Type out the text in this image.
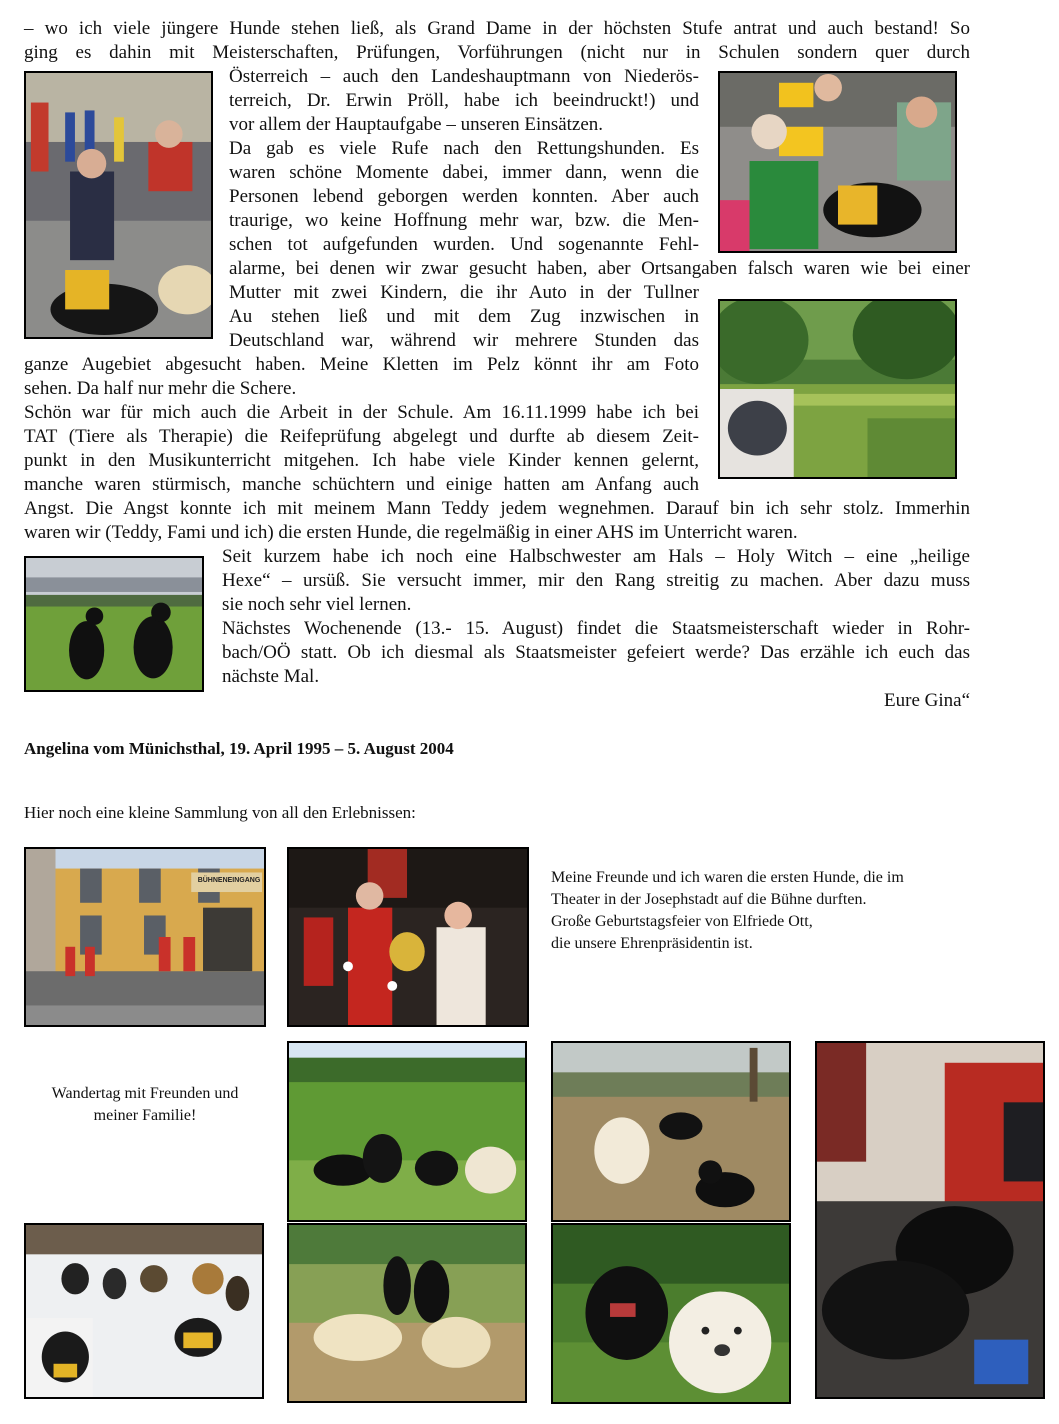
– wo ich viele jüngere Hunde stehen ließ, als Grand Dame in der höchsten Stufe antrat und auch bestand! So
ging es dahin mit Meisterschaften, Prüfungen, Vorführungen (nicht nur in Schulen sondern quer durch
Österreich – auch den Landeshauptmann von Niederös-
terreich, Dr. Erwin Pröll, habe ich beeindruckt!) und
vor allem der Hauptaufgabe – unseren Einsätzen.
Da gab es viele Rufe nach den Rettungshunden. Es
waren schöne Momente dabei, immer dann, wenn die
Personen lebend geborgen werden konnten. Aber auch
traurige, wo keine Hoffnung mehr war, bzw. die Men-
schen tot aufgefunden wurden. Und sogenannte Fehl-
alarme, bei denen wir zwar gesucht haben, aber Ortsangaben falsch waren wie bei einer
Mutter mit zwei Kindern, die ihr Auto in der Tullner
Au stehen ließ und mit dem Zug inzwischen in
Deutschland war, während wir mehrere Stunden das
ganze Augebiet abgesucht haben. Meine Kletten im Pelz könnt ihr am Foto
sehen. Da half nur mehr die Schere.
Schön war für mich auch die Arbeit in der Schule. Am 16.11.1999 habe ich bei
TAT (Tiere als Therapie) die Reifeprüfung abgelegt und durfte ab diesem Zeit-
punkt in den Musikunterricht mitgehen. Ich habe viele Kinder kennen gelernt,
manche waren stürmisch, manche schüchtern und einige hatten am Anfang auch
Angst. Die Angst konnte ich mit meinem Mann Teddy jedem wegnehmen. Darauf bin ich sehr stolz. Immerhin
waren wir (Teddy, Fami und ich) die ersten Hunde, die regelmäßig in einer AHS im Unterricht waren.
Seit kurzem habe ich noch eine Halbschwester am Hals – Holy Witch – eine „heilige
Hexe“ – ursüß. Sie versucht immer, mir den Rang streitig zu machen. Aber dazu muss
sie noch sehr viel lernen.
Nächstes Wochenende (13.- 15. August) findet die Staatsmeisterschaft wieder in Rohr-
bach/OÖ statt. Ob ich diesmal als Staatsmeister gefeiert werde? Das erzähle ich euch das
nächste Mal.
Eure Gina“
Angelina vom Münichsthal, 19. April 1995 – 5. August 2004
Hier noch eine kleine Sammlung von all den Erlebnissen:
BÜHNENEINGANG	Meine Freunde und ich waren die ersten Hunde, die im
Theater in der Josephstadt auf die Bühne durften.
Große Geburtstagsfeier von Elfriede Ott,
die unsere Ehrenpräsidentin ist.
Wandertag mit Freunden und
meiner Familie!
